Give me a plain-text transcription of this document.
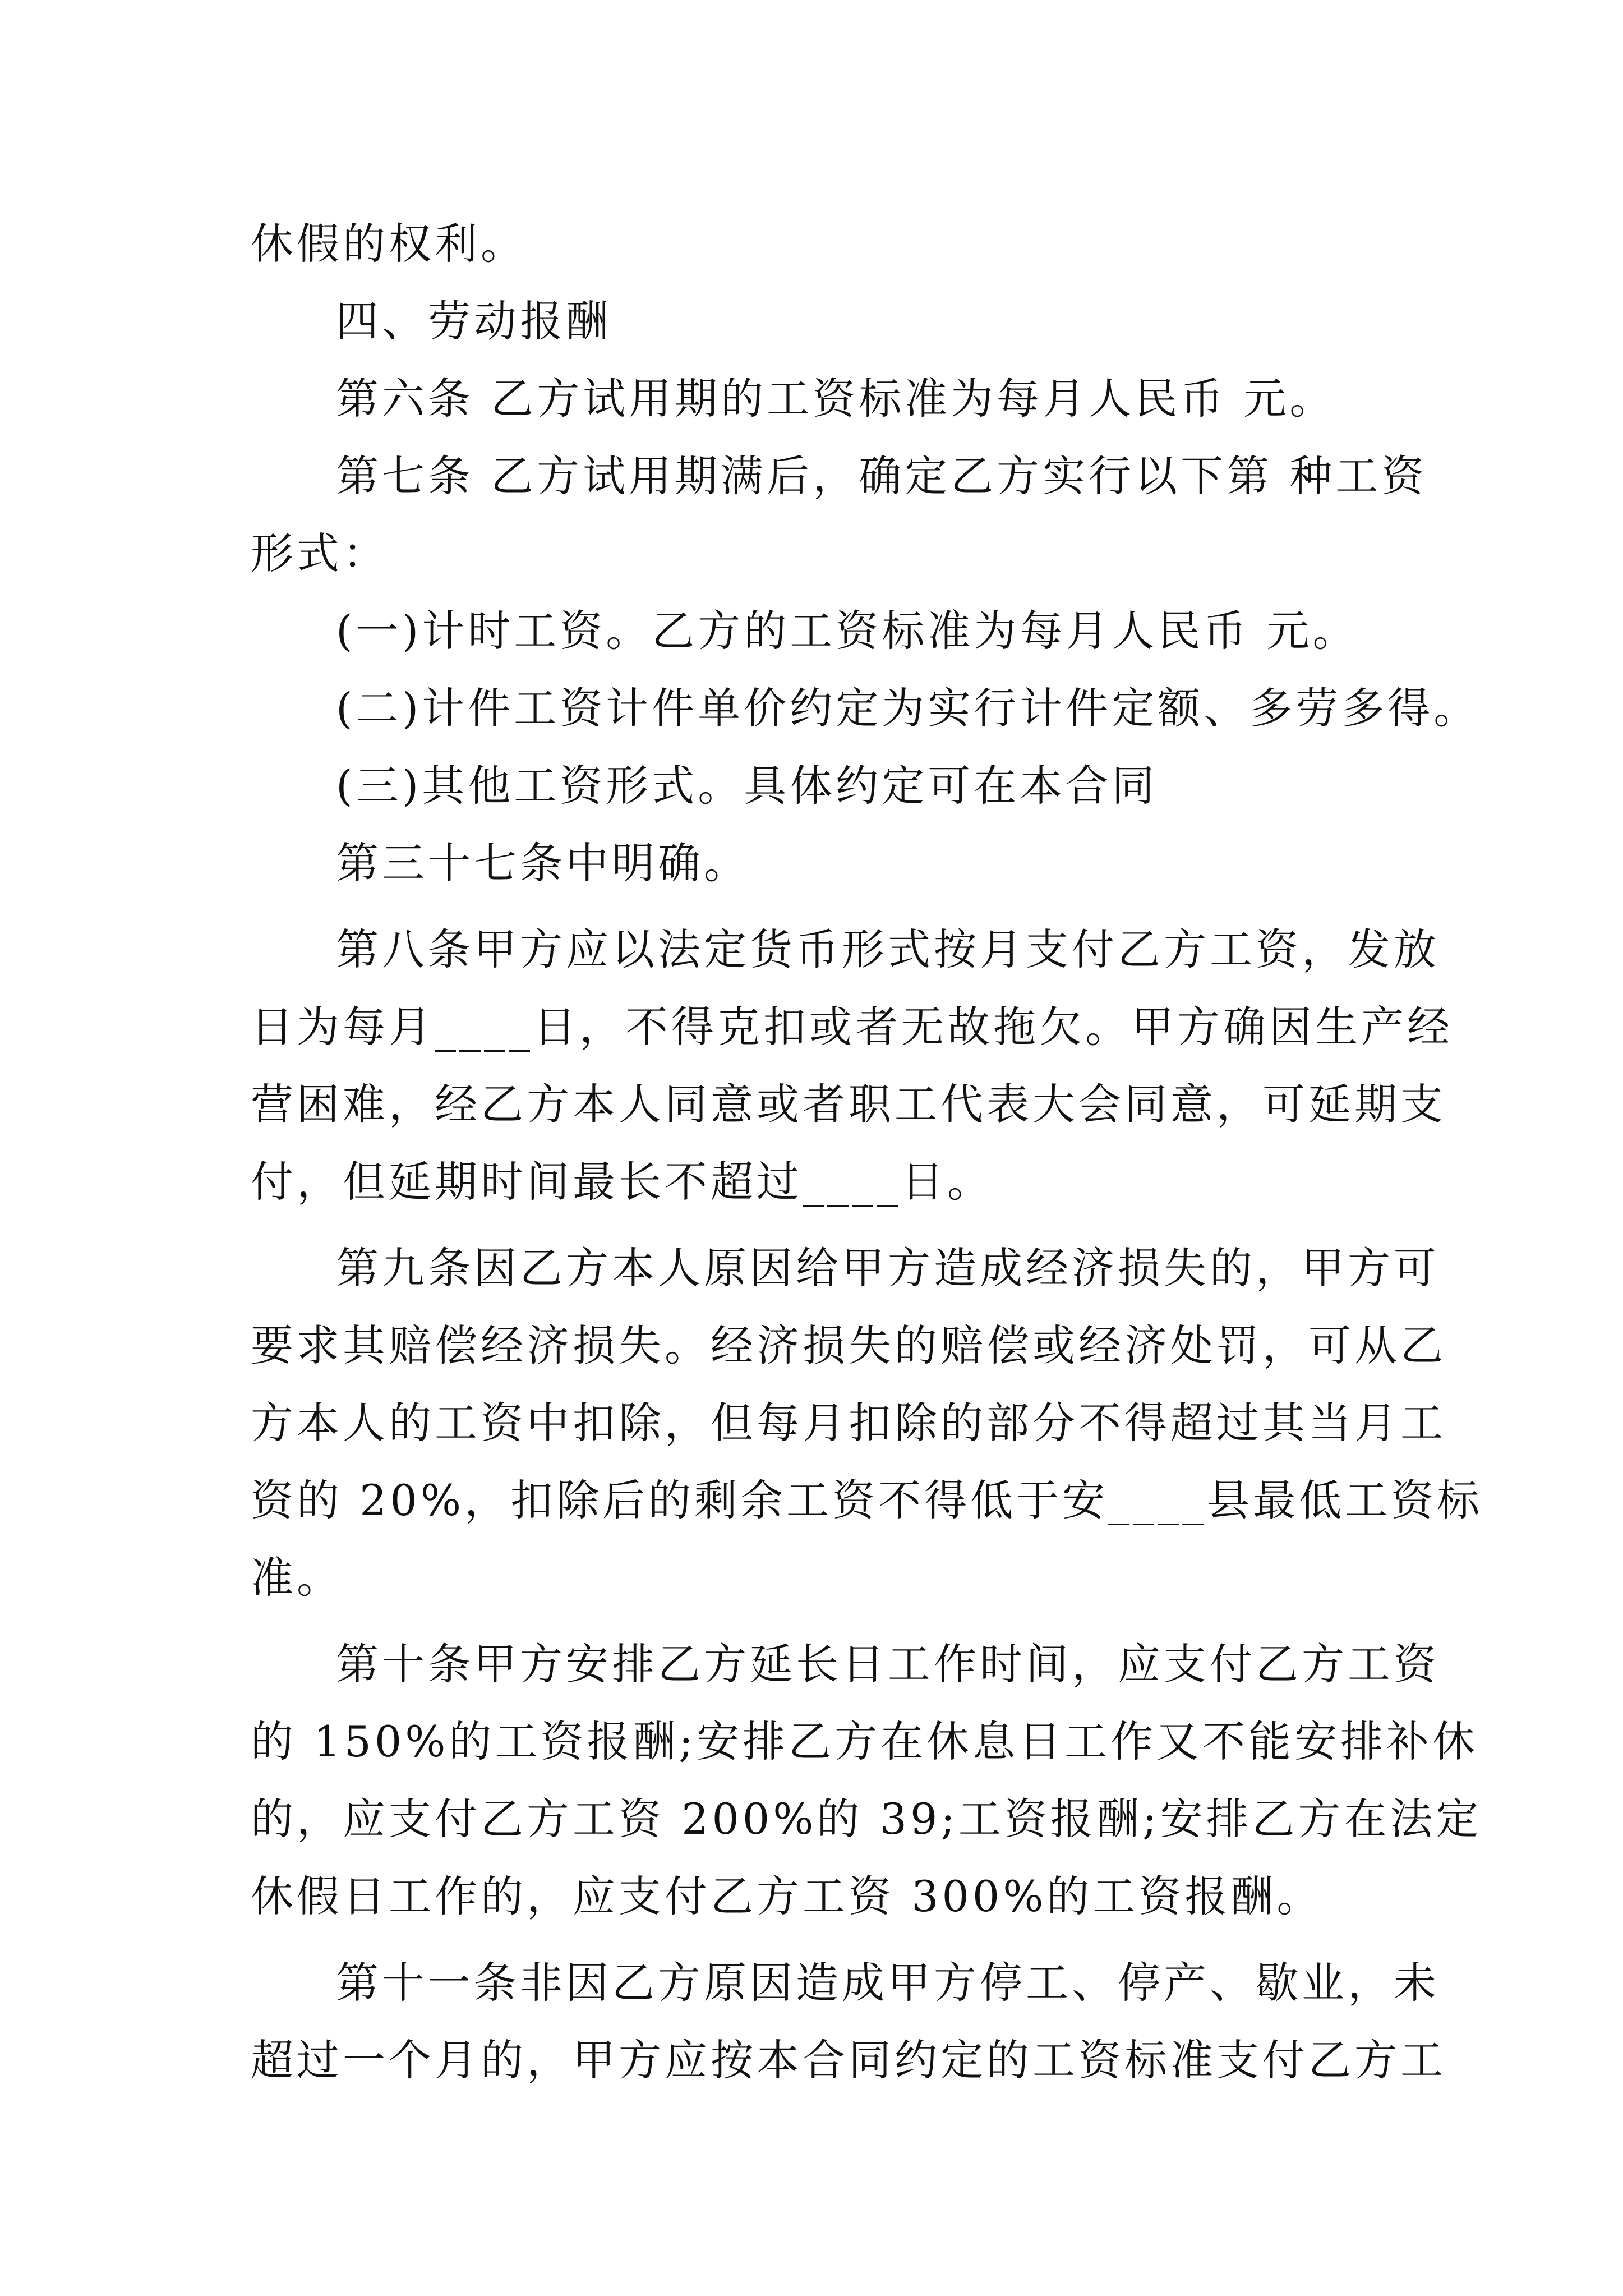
休假的权利。

四、劳动报酬

第六条 乙方试用期的工资标准为每月人民币 元。

第七条 乙方试用期满后，确定乙方实行以下第 种工资

形式：

(一)计时工资。乙方的工资标准为每月人民币 元。

(二)计件工资计件单价约定为实行计件定额、多劳多得。

(三)其他工资形式。具体约定可在本合同

第三十七条中明确。

第八条甲方应以法定货币形式按月支付乙方工资，发放

日为每月____日，不得克扣或者无故拖欠。甲方确因生产经

营困难，经乙方本人同意或者职工代表大会同意，可延期支

付，但延期时间最长不超过____日。

第九条因乙方本人原因给甲方造成经济损失的，甲方可

要求其赔偿经济损失。经济损失的赔偿或经济处罚，可从乙

方本人的工资中扣除，但每月扣除的部分不得超过其当月工

资的 20%，扣除后的剩余工资不得低于安____县最低工资标

准。

第十条甲方安排乙方延长日工作时间，应支付乙方工资

的 150%的工资报酬;安排乙方在休息日工作又不能安排补休

的，应支付乙方工资 200%的 39;工资报酬;安排乙方在法定

休假日工作的，应支付乙方工资 300%的工资报酬。

第十一条非因乙方原因造成甲方停工、停产、歇业，未

超过一个月的，甲方应按本合同约定的工资标准支付乙方工
